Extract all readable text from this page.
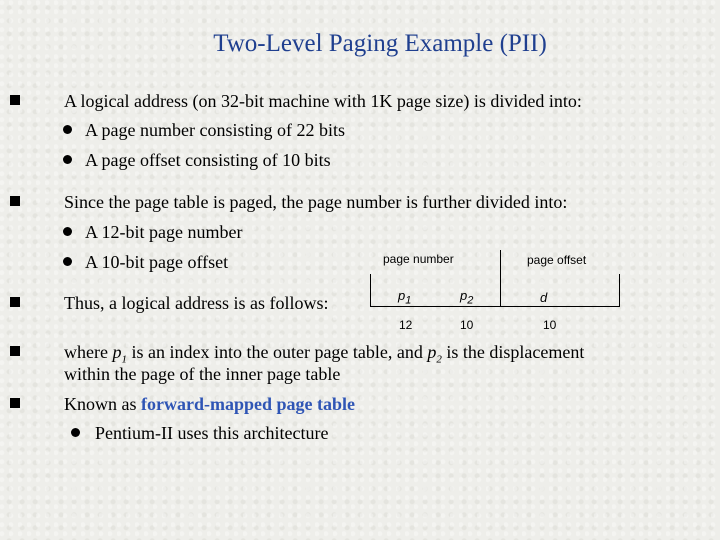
Two-Level Paging Example (PII)
A logical address (on 32-bit machine with 1K page size) is divided into:
A page number consisting of 22 bits
A page offset consisting of 10 bits
Since the page table is paged, the page number is further divided into:
A 12-bit page number
A 10-bit page offset
Thus, a logical address is as follows:
page number	page offset
$p_1$	$p_2$	d
12	10	10
where $p_1$ is an index into the outer page table, and $p_2$ is the displacement
within the page of the inner page table
Known as forward-mapped page table
Pentium-II uses this architecture
